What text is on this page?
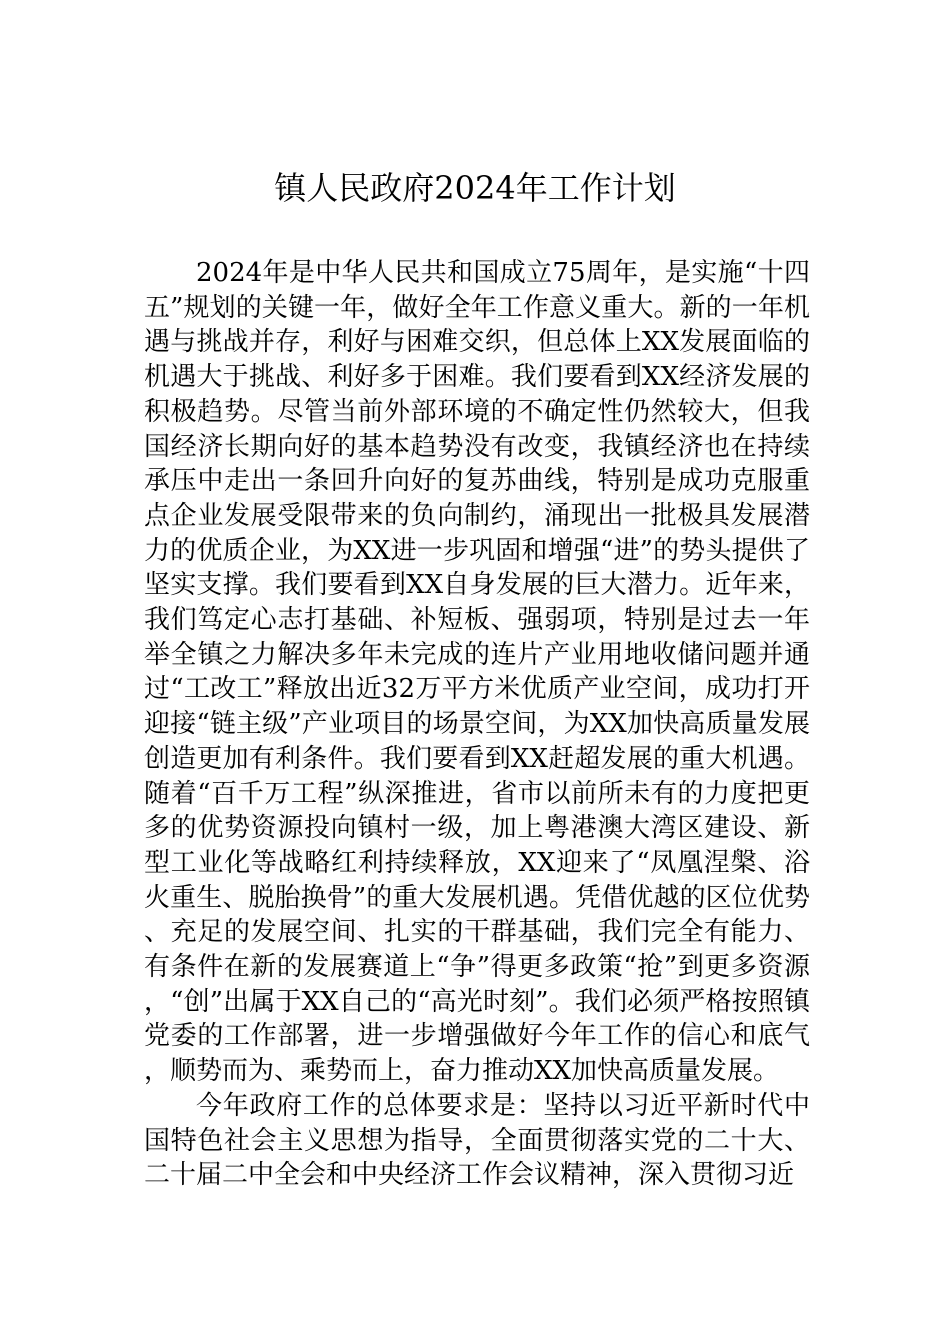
镇人民政府2024年工作计划

2024年是中华人民共和国成立75周年，是实施“十四五”规划的关键一年，做好全年工作意义重大。新的一年机遇与挑战并存，利好与困难交织，但总体上XX发展面临的机遇大于挑战、利好多于困难。我们要看到XX经济发展的积极趋势。尽管当前外部环境的不确定性仍然较大，但我国经济长期向好的基本趋势没有改变，我镇经济也在持续承压中走出一条回升向好的复苏曲线，特别是成功克服重点企业发展受限带来的负向制约，涌现出一批极具发展潜力的优质企业，为XX进一步巩固和增强“进”的势头提供了坚实支撑。我们要看到XX自身发展的巨大潜力。近年来，我们笃定心志打基础、补短板、强弱项，特别是过去一年举全镇之力解决多年未完成的连片产业用地收储问题并通过“工改工”释放出近32万平方米优质产业空间，成功打开迎接“链主级”产业项目的场景空间，为XX加快高质量发展创造更加有利条件。我们要看到XX赶超发展的重大机遇。随着“百千万工程”纵深推进，省市以前所未有的力度把更多的优势资源投向镇村一级，加上粤港澳大湾区建设、新型工业化等战略红利持续释放，XX迎来了“凤凰涅槃、浴火重生、脱胎换骨”的重大发展机遇。凭借优越的区位优势、充足的发展空间、扎实的干群基础，我们完全有能力、有条件在新的发展赛道上“争”得更多政策“抢”到更多资源，“创”出属于XX自己的“高光时刻”。我们必须严格按照镇党委的工作部署，进一步增强做好今年工作的信心和底气，顺势而为、乘势而上，奋力推动XX加快高质量发展。

今年政府工作的总体要求是：坚持以习近平新时代中国特色社会主义思想为指导，全面贯彻落实党的二十大、二十届二中全会和中央经济工作会议精神，深入贯彻习近
